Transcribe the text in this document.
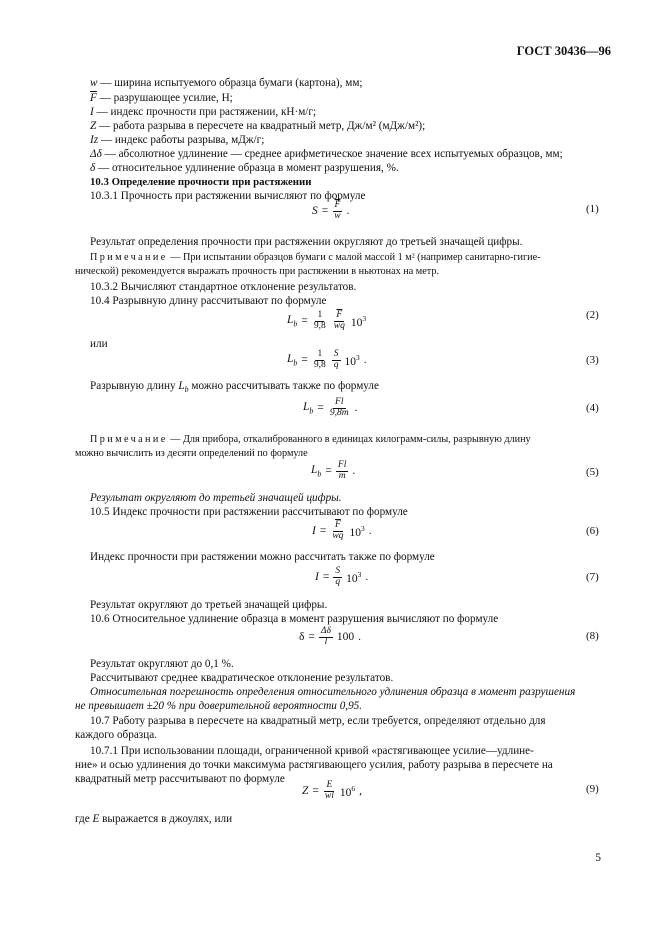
ГОСТ 30436—96
w — ширина испытуемого образца бумаги (картона), мм;
$\overline{F}$ — разрушающее усилие, Н;
I — индекс прочности при растяжении, кН·м/г;
Z — работа разрыва в пересчете на квадратный метр, Дж/м² (мДж/м²);
Iz — индекс работы разрыва, мДж/г;
Δδ — абсолютное удлинение — среднее арифметическое значение всех испытуемых образцов, мм;
δ — относительное удлинение образца в момент разрушения, %.
10.3 Определение прочности при растяжении
10.3.1 Прочность при растяжении вычисляют по формуле
$S = \frac{\overline{F}}{w}$ .	(1)
Результат определения прочности при растяжении округляют до третьей значащей цифры.
Примечание — При испытании образцов бумаги с малой массой 1 м² (например санитарно-гигие-
нической) рекомендуется выражать прочность при растяжении в ньютонах на метр.
10.3.2 Вычисляют стандартное отклонение результатов.
10.4 Разрывную длину рассчитывают по формуле
$L_b = \frac{1}{9,8} \frac{\overline{F}}{wq} 10^3$	(2)
или
$L_b = \frac{1}{9,8} \frac{S}{q} 10^3$ .	(3)
Разрывную длину $L_b$ можно рассчитывать также по формуле
$L_b = \frac{Fl}{9,8m}$ .	(4)
Примечание — Для прибора, откалиброванного в единицах килограмм-силы, разрывную длину
можно вычислить из десяти определений по формуле
$L_b = \frac{Fl}{m}$ .	(5)
Результат округляют до третьей значащей цифры.
10.5 Индекс прочности при растяжении рассчитывают по формуле
$I = \frac{\overline{F}}{wq} 10^3$ .	(6)
Индекс прочности при растяжении можно рассчитать также по формуле
$I = \frac{S}{q} 10^3$ .	(7)
Результат округляют до третьей значащей цифры.
10.6 Относительное удлинение образца в момент разрушения вычисляют по формуле
$\delta = \frac{\Delta\delta}{l} 100$ .	(8)
Результат округляют до 0,1 %.
Рассчитывают среднее квадратическое отклонение результатов.
Относительная погрешность определения относительного удлинения образца в момент разрушения
не превышает ±20 % при доверительной вероятности 0,95.
10.7 Работу разрыва в пересчете на квадратный метр, если требуется, определяют отдельно для
каждого образца.
10.7.1 При использовании площади, ограниченной кривой «растягивающее усилие—удлине-
ние» и осью удлинения до точки максимума растягивающего усилия, работу разрыва в пересчете на
квадратный метр рассчитывают по формуле
$Z = \frac{E}{wl} 10^6$ ,	(9)
где E выражается в джоулях, или
5
